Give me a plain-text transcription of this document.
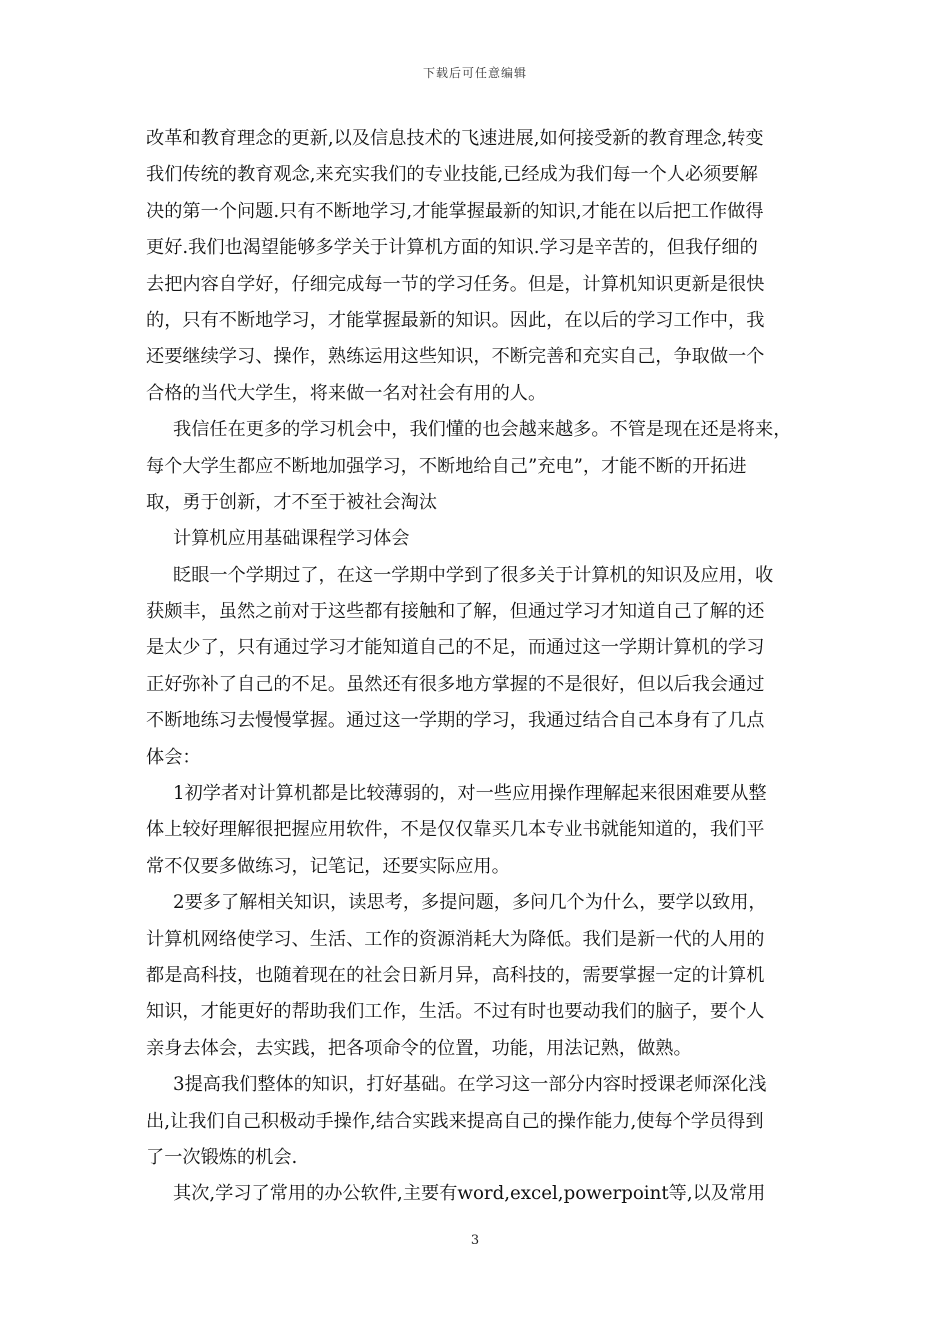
下载后可任意编辑
改革和教育理念的更新,以及信息技术的飞速进展,如何接受新的教育理念,转变
我们传统的教育观念,来充实我们的专业技能,已经成为我们每一个人必须要解
决的第一个问题.只有不断地学习,才能掌握最新的知识,才能在以后把工作做得
更好.我们也渴望能够多学关于计算机方面的知识.学习是辛苦的，但我仔细的
去把内容自学好，仔细完成每一节的学习任务。但是，计算机知识更新是很快
的，只有不断地学习，才能掌握最新的知识。因此，在以后的学习工作中，我
还要继续学习、操作，熟练运用这些知识，不断完善和充实自己，争取做一个
合格的当代大学生，将来做一名对社会有用的人。
我信任在更多的学习机会中，我们懂的也会越来越多。不管是现在还是将来，
每个大学生都应不断地加强学习，不断地给自己”充电”，才能不断的开拓进
取，勇于创新，才不至于被社会淘汰
计算机应用基础课程学习体会
眨眼一个学期过了，在这一学期中学到了很多关于计算机的知识及应用，收
获颇丰，虽然之前对于这些都有接触和了解，但通过学习才知道自己了解的还
是太少了，只有通过学习才能知道自己的不足，而通过这一学期计算机的学习
正好弥补了自己的不足。虽然还有很多地方掌握的不是很好，但以后我会通过
不断地练习去慢慢掌握。通过这一学期的学习，我通过结合自己本身有了几点
体会：
1初学者对计算机都是比较薄弱的，对一些应用操作理解起来很困难要从整
体上较好理解很把握应用软件，不是仅仅靠买几本专业书就能知道的，我们平
常不仅要多做练习，记笔记，还要实际应用。
2要多了解相关知识，读思考，多提问题，多问几个为什么，要学以致用，
计算机网络使学习、生活、工作的资源消耗大为降低。我们是新一代的人用的
都是高科技，也随着现在的社会日新月异，高科技的，需要掌握一定的计算机
知识，才能更好的帮助我们工作，生活。不过有时也要动我们的脑子，要个人
亲身去体会，去实践，把各项命令的位置，功能，用法记熟，做熟。
3提高我们整体的知识，打好基础。在学习这一部分内容时授课老师深化浅
出,让我们自己积极动手操作,结合实践来提高自己的操作能力,使每个学员得到
了一次锻炼的机会.
其次,学习了常用的办公软件,主要有word,excel,powerpoint等,以及常用
3
